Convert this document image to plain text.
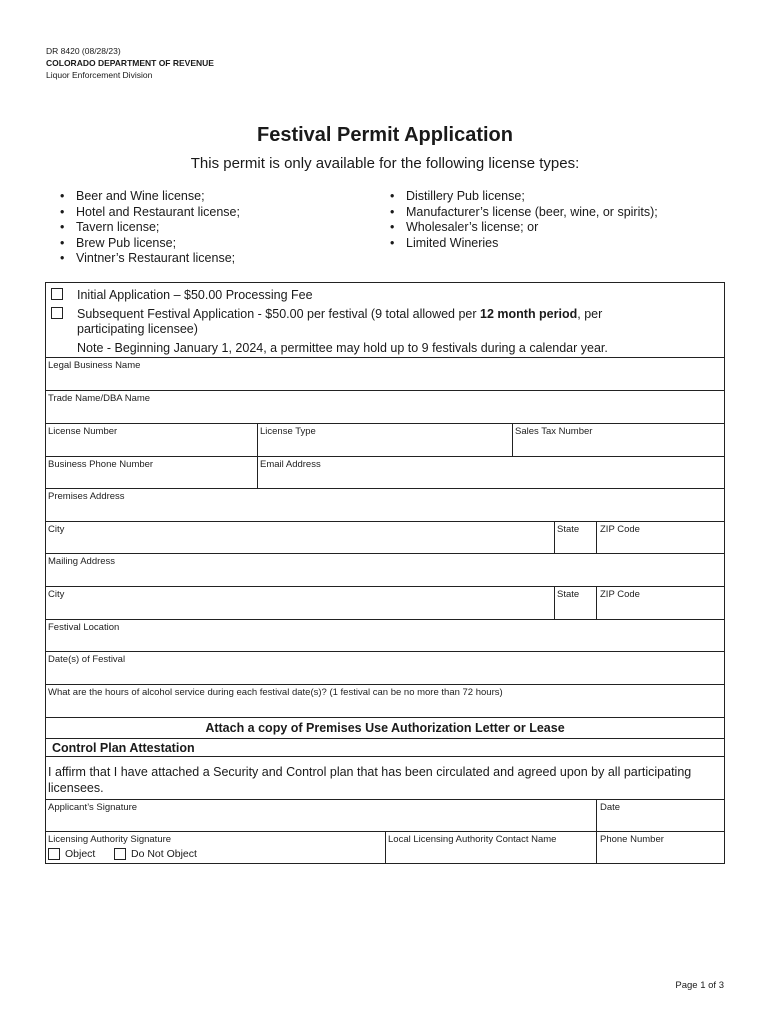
DR 8420 (08/28/23)
COLORADO DEPARTMENT OF REVENUE
Liquor Enforcement Division
Festival Permit Application
This permit is only available for the following license types:
• Beer and Wine license;
• Hotel and Restaurant license;
• Tavern license;
• Brew Pub license;
• Vintner’s Restaurant license;
• Distillery Pub license;
• Manufacturer’s license (beer, wine, or spirits);
• Wholesaler’s license; or
• Limited Wineries
Initial Application – $50.00 Processing Fee
Subsequent Festival Application - $50.00 per festival (9 total allowed per 12 month period, per
participating licensee)
Note - Beginning January 1, 2024, a permittee may hold up to 9 festivals during a calendar year.
Legal Business Name
Trade Name/DBA Name
License Number	License Type	Sales Tax Number
Business Phone Number	Email Address
Premises Address
City	State ZIP Code
Mailing Address
City	State ZIP Code
Festival Location
Date(s) of Festival
What are the hours of alcohol service during each festival date(s)? (1 festival can be no more than 72 hours)
Attach a copy of Premises Use Authorization Letter or Lease
Control Plan Attestation
I affirm that I have attached a Security and Control plan that has been circulated and agreed upon by all participating
licensees.
Applicant’s Signature	Date
Licensing Authority Signature	Local Licensing Authority Contact Name	Phone Number
Object	Do Not Object
Page 1 of 3
